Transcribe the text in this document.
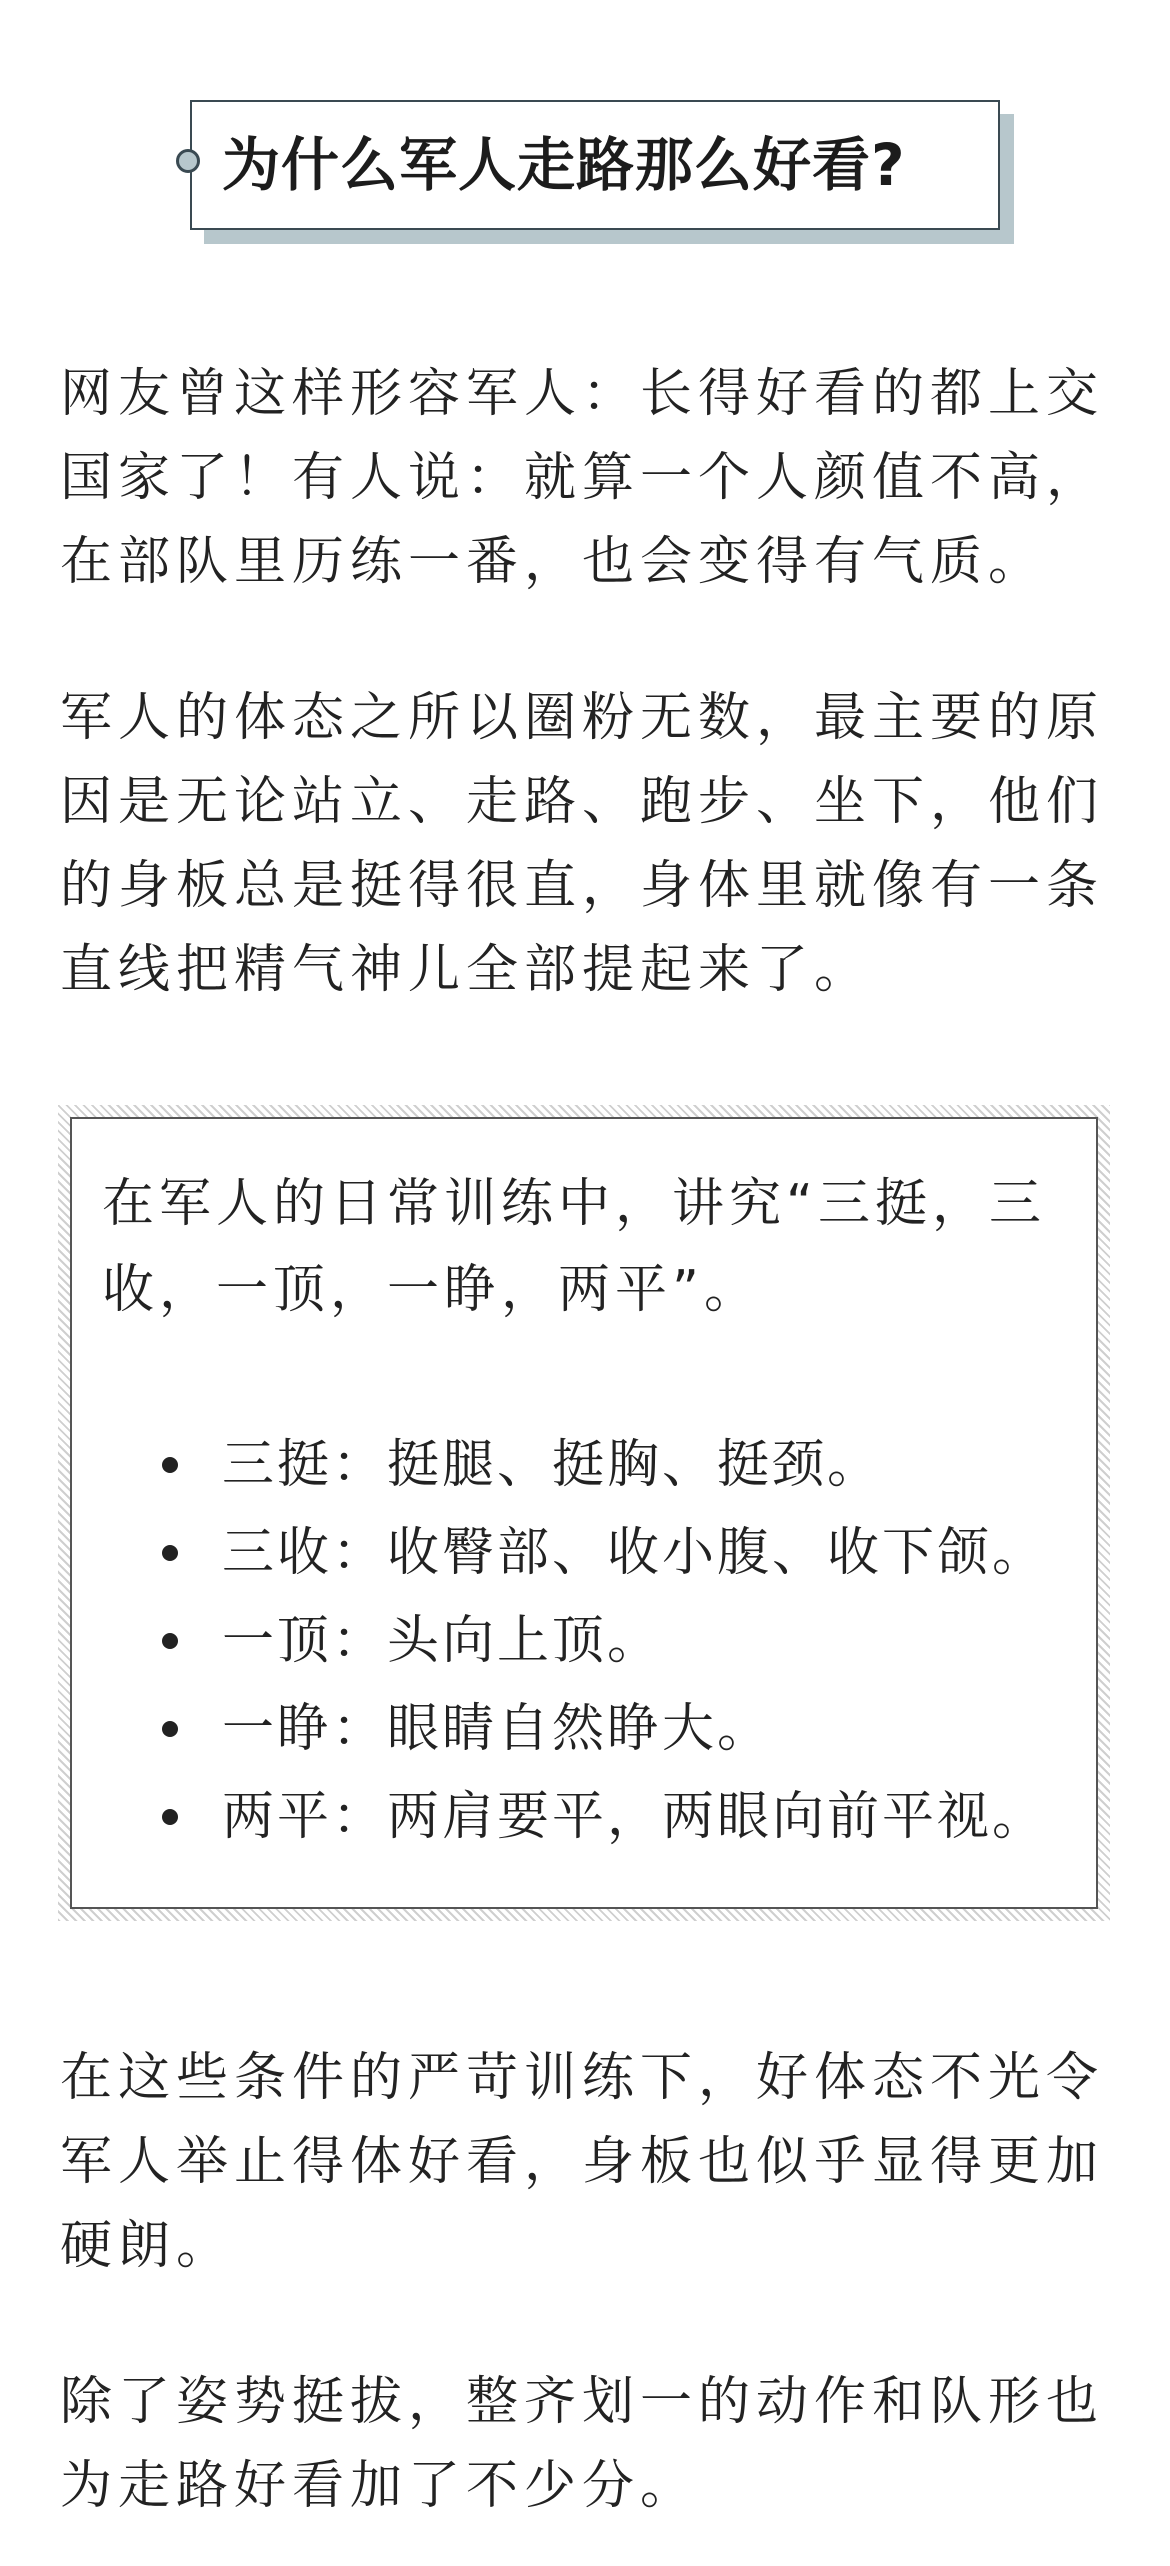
为什么军人走路那么好看?

网友曾这样形容军人：长得好看的都上交国家了！有人说：就算一个人颜值不高，在部队里历练一番，也会变得有气质。

军人的体态之所以圈粉无数，最主要的原因是无论站立、走路、跑步、坐下，他们的身板总是挺得很直，身体里就像有一条直线把精气神儿全部提起来了。

在军人的日常训练中，讲究“三挺，三收，一顶，一睁，两平”。

三挺：挺腿、挺胸、挺颈。
三收：收臀部、收小腹、收下颌。
一顶：头向上顶。
一睁：眼睛自然睁大。
两平：两肩要平，两眼向前平视。

在这些条件的严苛训练下，好体态不光令军人举止得体好看，身板也似乎显得更加硬朗。

除了姿势挺拔，整齐划一的动作和队形也为走路好看加了不少分。
